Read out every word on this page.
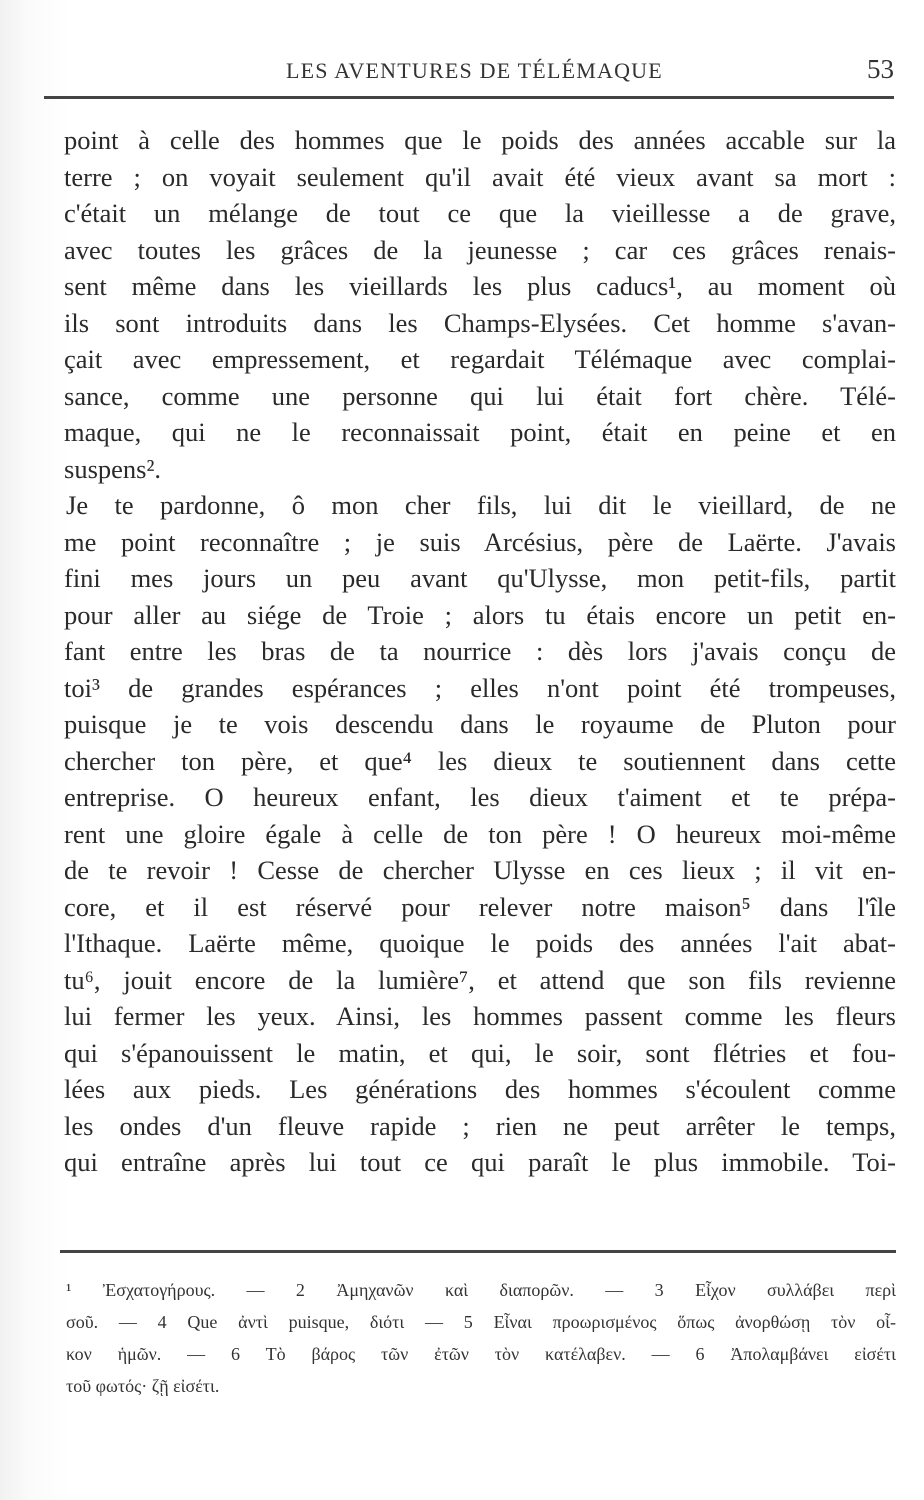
LES AVENTURES DE TÉLÉMAQUE	53
point à celle des hommes que le poids des années accable sur la
terre ; on voyait seulement qu'il avait été vieux avant sa mort :
c'était un mélange de tout ce que la vieillesse a de grave,
avec toutes les grâces de la jeunesse ; car ces grâces renais-
sent même dans les vieillards les plus caducs¹, au moment où
ils sont introduits dans les Champs-Elysées. Cet homme s'avan-
çait avec empressement, et regardait Télémaque avec complai-
sance, comme une personne qui lui était fort chère. Télé-
maque, qui ne le reconnaissait point, était en peine et en
suspens².
Je te pardonne, ô mon cher fils, lui dit le vieillard, de ne
me point reconnaître ; je suis Arcésius, père de Laërte. J'avais
fini mes jours un peu avant qu'Ulysse, mon petit-fils, partit
pour aller au siége de Troie ; alors tu étais encore un petit en-
fant entre les bras de ta nourrice : dès lors j'avais conçu de
toi³ de grandes espérances ; elles n'ont point été trompeuses,
puisque je te vois descendu dans le royaume de Pluton pour
chercher ton père, et que⁴ les dieux te soutiennent dans cette
entreprise. O heureux enfant, les dieux t'aiment et te prépa-
rent une gloire égale à celle de ton père ! O heureux moi-même
de te revoir ! Cesse de chercher Ulysse en ces lieux ; il vit en-
core, et il est réservé pour relever notre maison⁵ dans l'île
l'Ithaque. Laërte même, quoique le poids des années l'ait abat-
tu⁶, jouit encore de la lumière⁷, et attend que son fils revienne
lui fermer les yeux. Ainsi, les hommes passent comme les fleurs
qui s'épanouissent le matin, et qui, le soir, sont flétries et fou-
lées aux pieds. Les générations des hommes s'écoulent comme
les ondes d'un fleuve rapide ; rien ne peut arrêter le temps,
qui entraîne après lui tout ce qui paraît le plus immobile. Toi-
¹ Ἐσχατογήρους. — 2 Ἀμηχανῶν καὶ διαπορῶν. — 3 Εἶχον συλλάβει περὶ
σοῦ. — 4 Que ἀντὶ puisque, διότι — 5 Εἶναι προωρισμένος ὅπως ἀνορθώσῃ τὸν οἶ-
κον ἡμῶν. — 6 Τὸ βάρος τῶν ἐτῶν τὸν κατέλαβεν. — 6 Ἀπολαμβάνει εἰσέτι
τοῦ φωτός· ζῇ εἰσέτι.
